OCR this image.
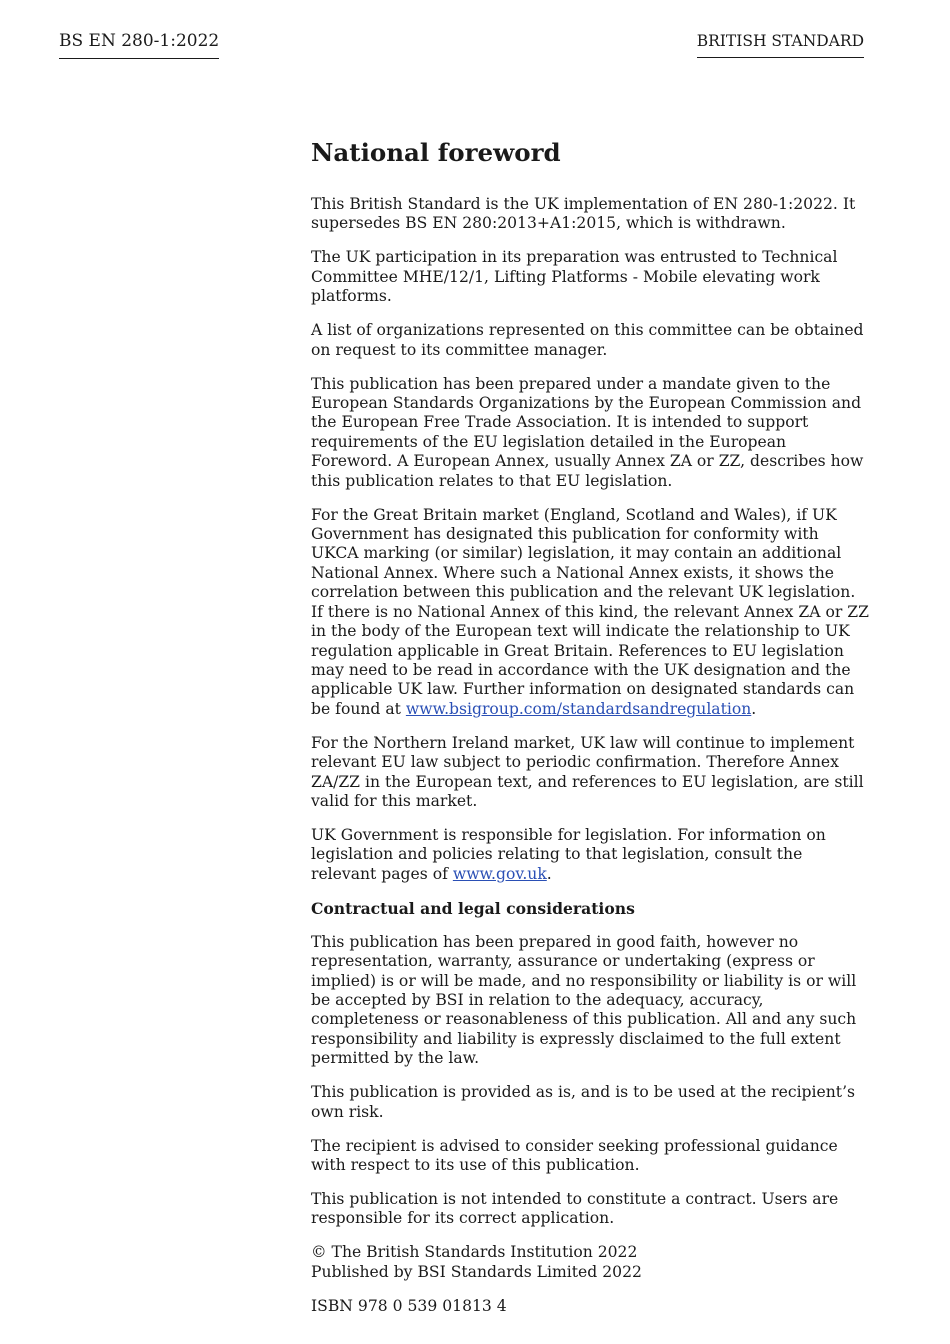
BS EN 280-1:2022	BRITISH STANDARD
National foreword

This British Standard is the UK implementation of EN 280-1:2022. It supersedes BS EN 280:2013+A1:2015, which is withdrawn.

The UK participation in its preparation was entrusted to Technical Committee MHE/12/1, Lifting Platforms - Mobile elevating work platforms.

A list of organizations represented on this committee can be obtained on request to its committee manager.

This publication has been prepared under a mandate given to the European Standards Organizations by the European Commission and the European Free Trade Association. It is intended to support requirements of the EU legislation detailed in the European Foreword. A European Annex, usually Annex ZA or ZZ, describes how this publication relates to that EU legislation.

For the Great Britain market (England, Scotland and Wales), if UK Government has designated this publication for conformity with UKCA marking (or similar) legislation, it may contain an additional National Annex. Where such a National Annex exists, it shows the correlation between this publication and the relevant UK legislation. If there is no National Annex of this kind, the relevant Annex ZA or ZZ in the body of the European text will indicate the relationship to UK regulation applicable in Great Britain. References to EU legislation may need to be read in accordance with the UK designation and the applicable UK law. Further information on designated standards can be found at www.bsigroup.com/standardsandregulation.

For the Northern Ireland market, UK law will continue to implement relevant EU law subject to periodic confirmation. Therefore Annex ZA/ZZ in the European text, and references to EU legislation, are still valid for this market.

UK Government is responsible for legislation. For information on legislation and policies relating to that legislation, consult the relevant pages of www.gov.uk.

Contractual and legal considerations

This publication has been prepared in good faith, however no representation, warranty, assurance or undertaking (express or implied) is or will be made, and no responsibility or liability is or will be accepted by BSI in relation to the adequacy, accuracy, completeness or reasonableness of this publication. All and any such responsibility and liability is expressly disclaimed to the full extent permitted by the law.

This publication is provided as is, and is to be used at the recipient’s own risk.

The recipient is advised to consider seeking professional guidance with respect to its use of this publication.

This publication is not intended to constitute a contract. Users are responsible for its correct application.

© The British Standards Institution 2022
Published by BSI Standards Limited 2022

ISBN 978 0 539 01813 4
